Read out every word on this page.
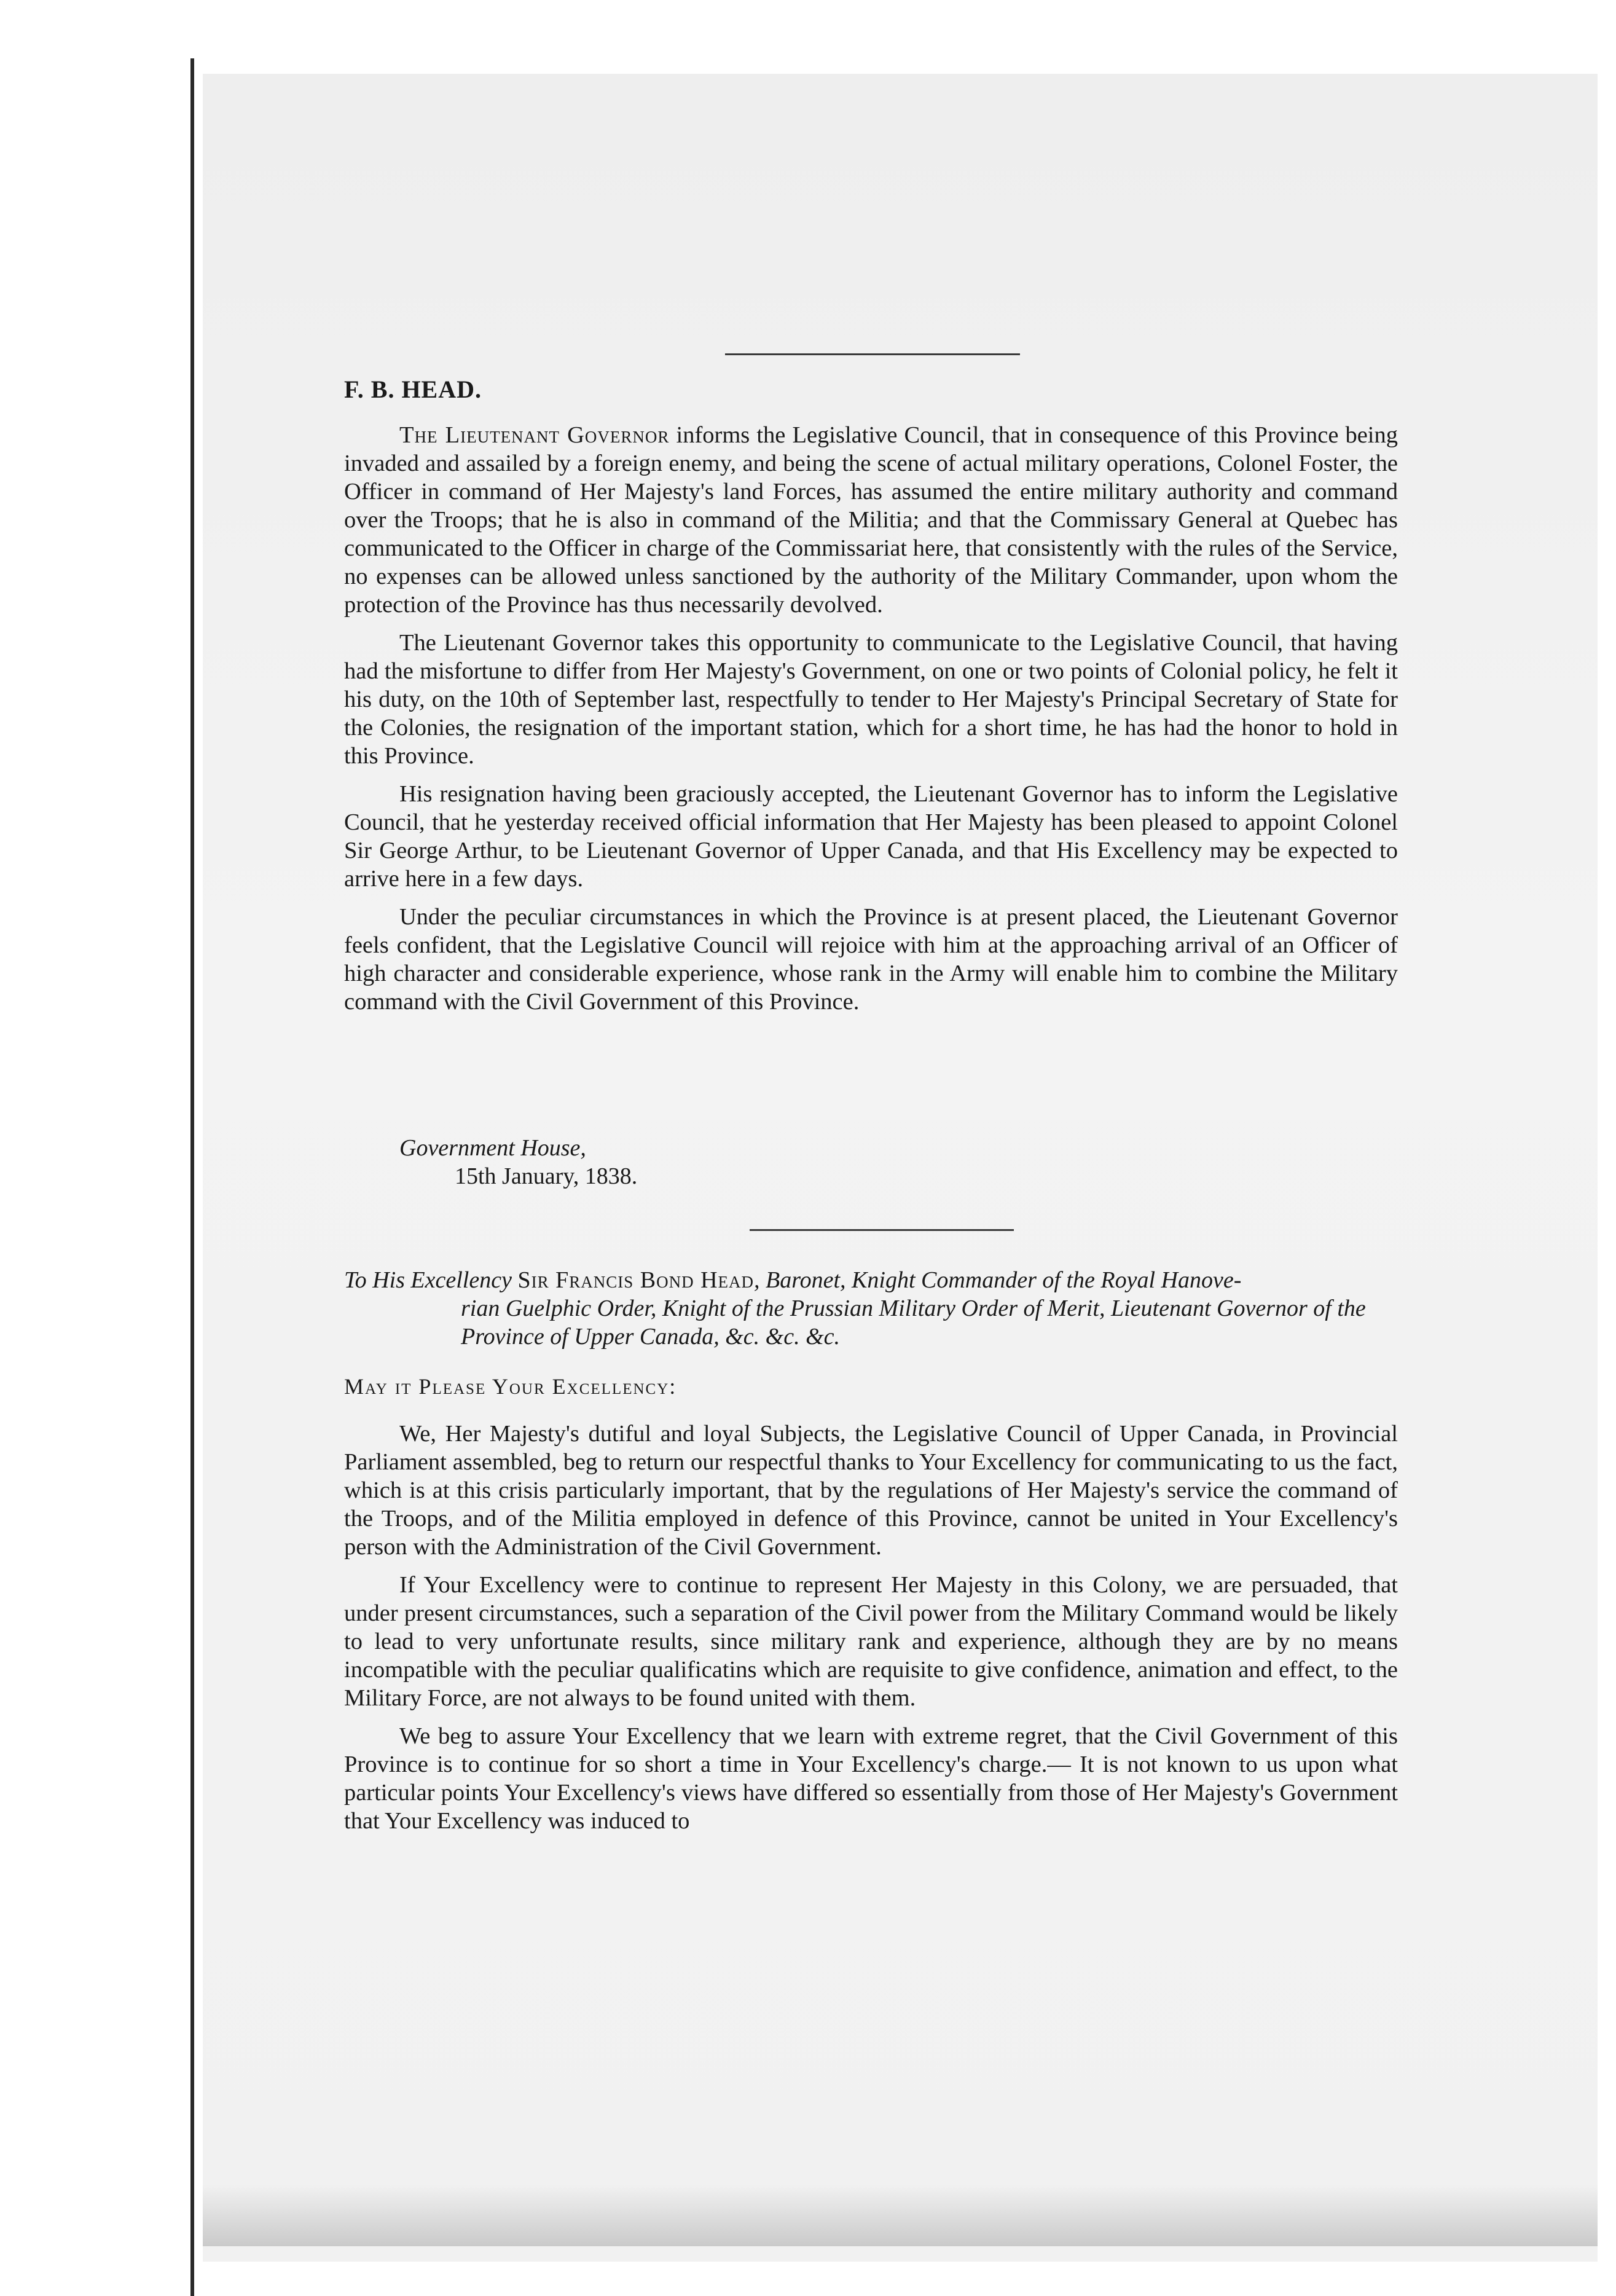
F. B. HEAD.

The Lieutenant Governor informs the Legislative Council, that in consequence of this Province being invaded and assailed by a foreign enemy, and being the scene of actual military operations, Colonel Foster, the Officer in command of Her Majesty's land Forces, has assumed the entire military authority and command over the Troops; that he is also in command of the Militia; and that the Commissary General at Quebec has communicated to the Officer in charge of the Commissariat here, that consistently with the rules of the Service, no expenses can be allowed unless sanctioned by the authority of the Military Commander, upon whom the protection of the Province has thus necessarily devolved.

The Lieutenant Governor takes this opportunity to communicate to the Legislative Council, that having had the misfortune to differ from Her Majesty's Government, on one or two points of Colonial policy, he felt it his duty, on the 10th of September last, respectfully to tender to Her Majesty's Principal Secretary of State for the Colonies, the resignation of the important station, which for a short time, he has had the honor to hold in this Province.

His resignation having been graciously accepted, the Lieutenant Governor has to inform the Legislative Council, that he yesterday received official information that Her Majesty has been pleased to appoint Colonel Sir George Arthur, to be Lieutenant Governor of Upper Canada, and that His Excellency may be expected to arrive here in a few days.

Under the peculiar circumstances in which the Province is at present placed, the Lieutenant Governor feels confident, that the Legislative Council will rejoice with him at the approaching arrival of an Officer of high character and considerable experience, whose rank in the Army will enable him to combine the Military command with the Civil Government of this Province.

Government House,
15th January, 1838.
To His Excellency Sir Francis Bond Head, Baronet, Knight Commander of the Royal Hanove-
rian Guelphic Order, Knight of the Prussian Military Order of Merit, Lieutenant Governor of the Province of Upper Canada, &c. &c. &c.
May it Please Your Excellency:

We, Her Majesty's dutiful and loyal Subjects, the Legislative Council of Upper Canada, in Provincial Parliament assembled, beg to return our respectful thanks to Your Excellency for communicating to us the fact, which is at this crisis particularly important, that by the regulations of Her Majesty's service the command of the Troops, and of the Militia employed in defence of this Province, cannot be united in Your Excellency's person with the Administration of the Civil Government.

If Your Excellency were to continue to represent Her Majesty in this Colony, we are persuaded, that under present circumstances, such a separation of the Civil power from the Military Command would be likely to lead to very unfortunate results, since military rank and experience, although they are by no means incompatible with the peculiar qualificatins which are requisite to give confidence, animation and effect, to the Military Force, are not always to be found united with them.

We beg to assure Your Excellency that we learn with extreme regret, that the Civil Government of this Province is to continue for so short a time in Your Excellency's charge.— It is not known to us upon what particular points Your Excellency's views have differed so essentially from those of Her Majesty's Government that Your Excellency was induced to
